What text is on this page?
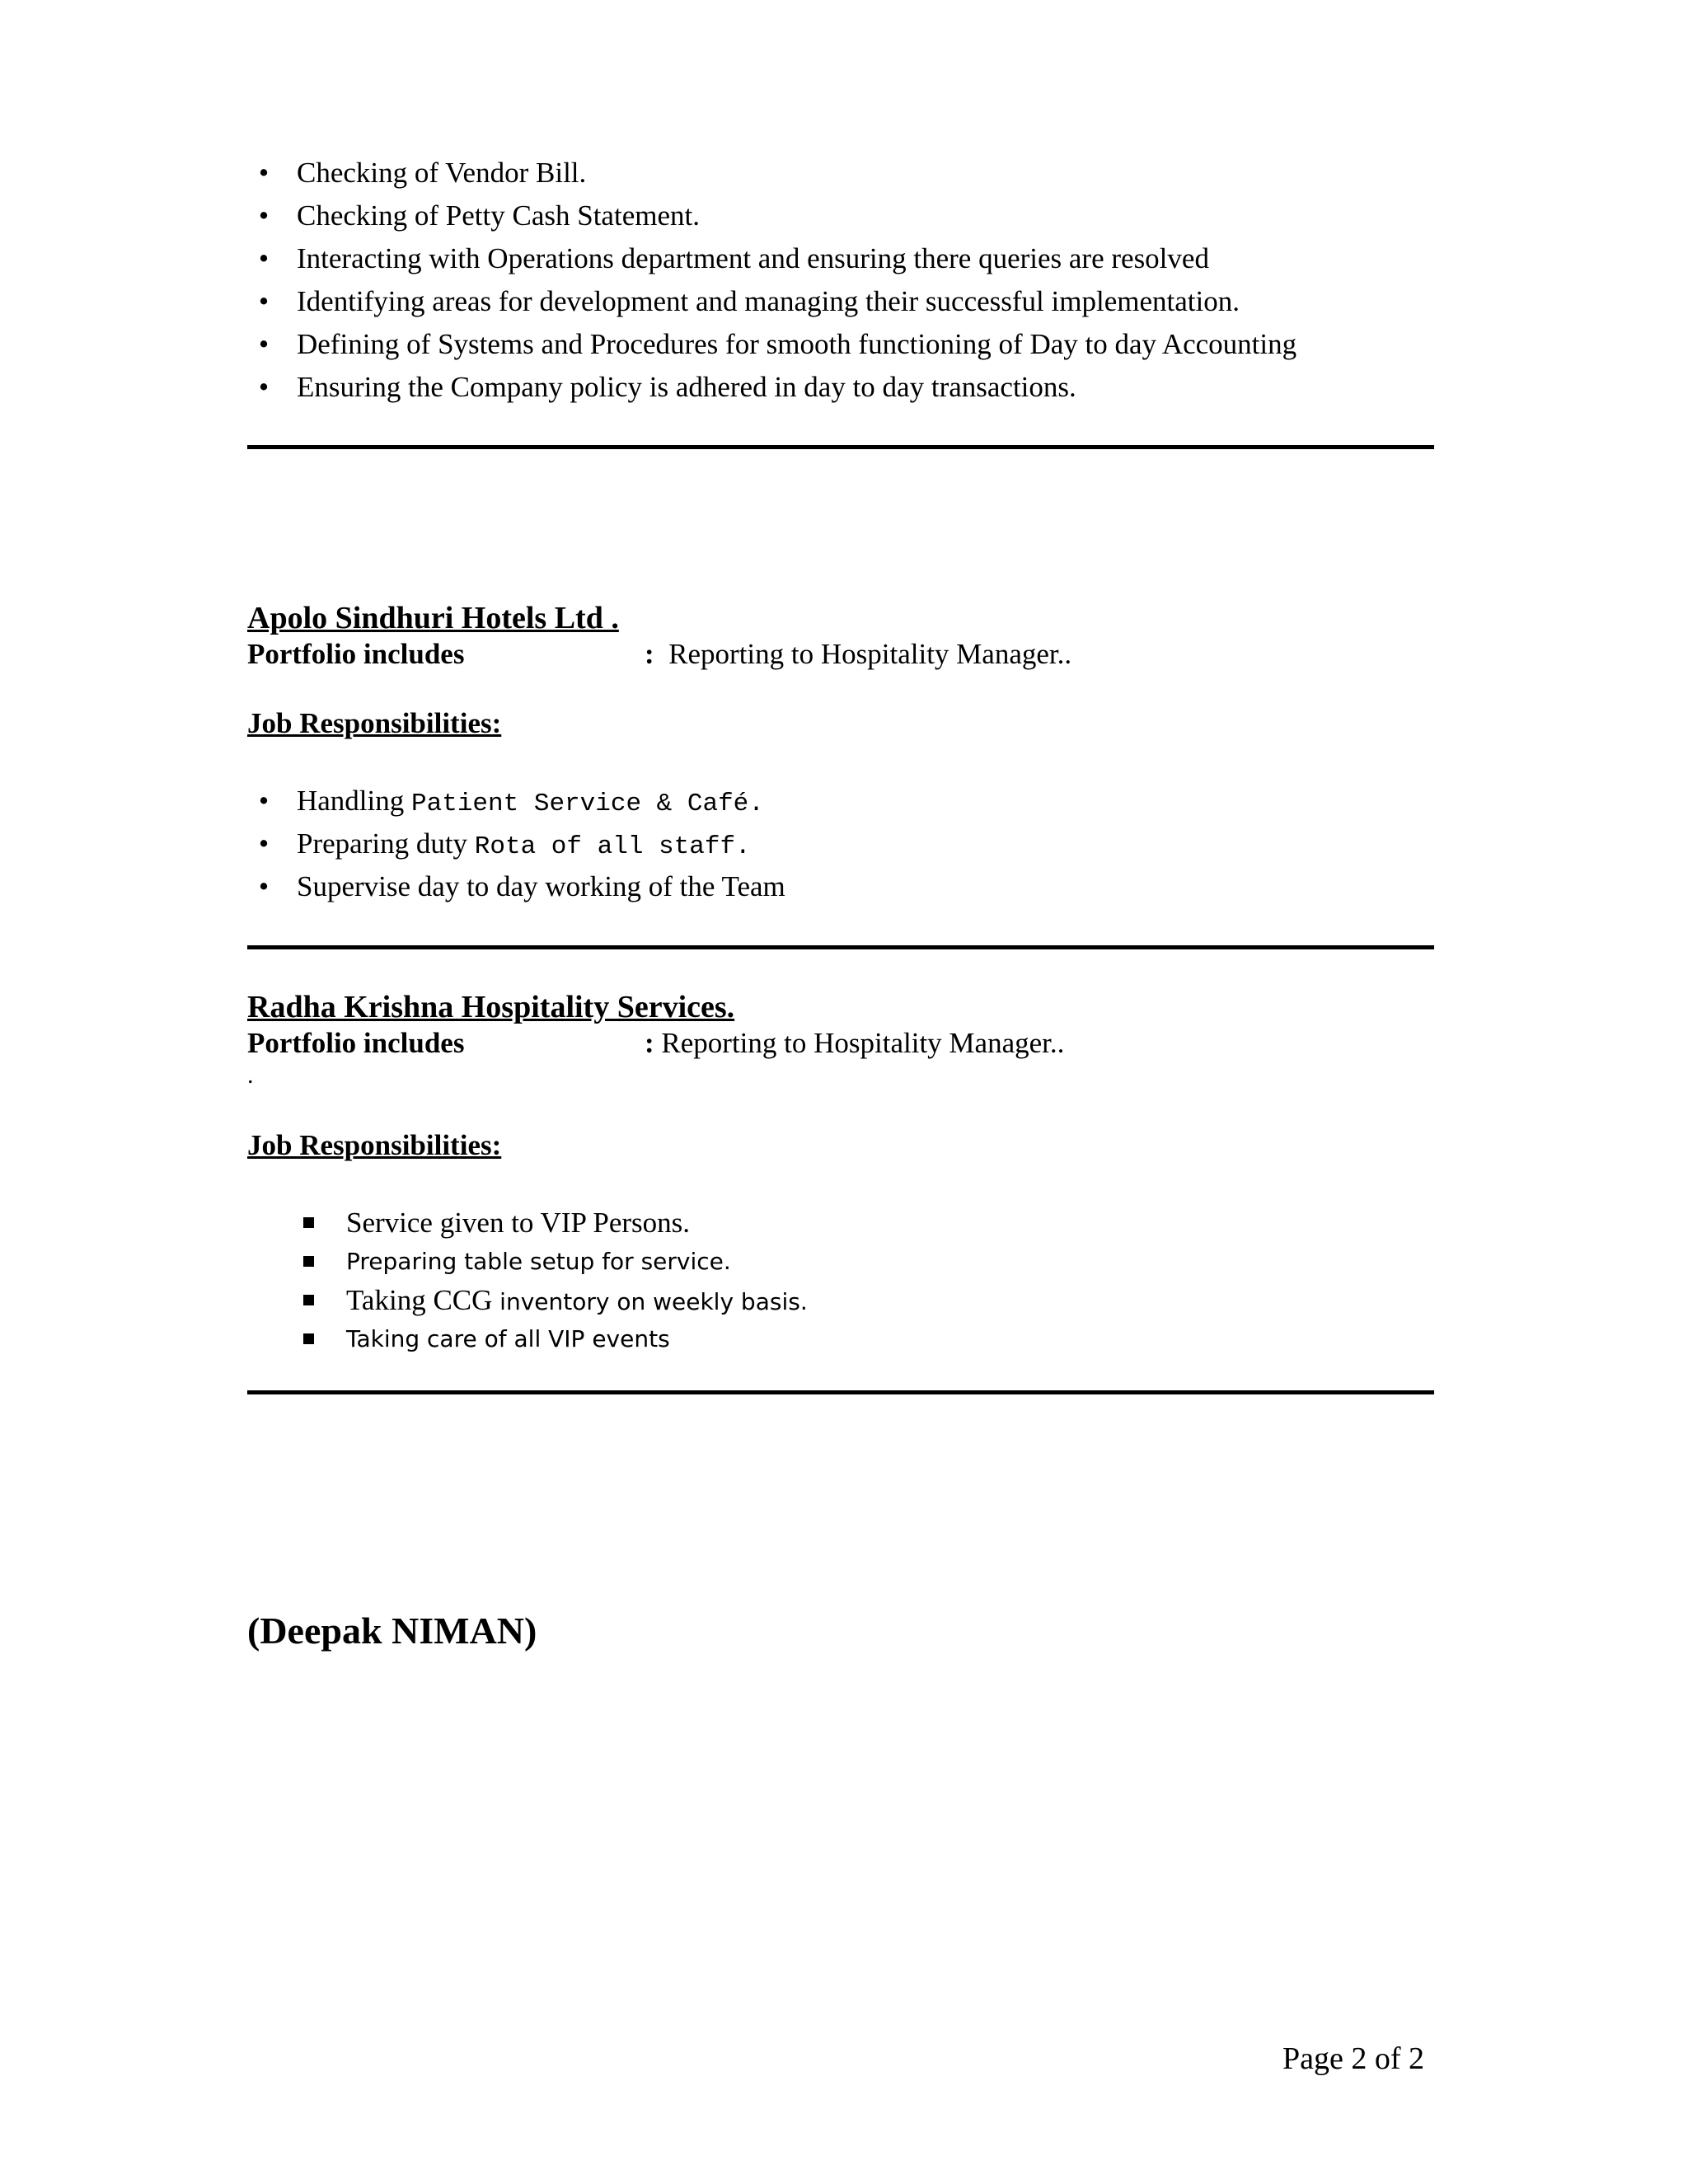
• Checking of Vendor Bill.
• Checking of Petty Cash Statement.
• Interacting with Operations department and ensuring there queries are resolved
• Identifying areas for development and managing their successful implementation.
• Defining of Systems and Procedures for smooth functioning of Day to day Accounting
• Ensuring the Company policy is adhered in day to day transactions.
Apolo Sindhuri Hotels Ltd .
Portfolio includes	: Reporting to Hospitality Manager..
Job Responsibilities:
• Handling Patient Service & Café.
• Preparing duty Rota of all staff.
• Supervise day to day working of the Team
Radha Krishna Hospitality Services.
Portfolio includes	: Reporting to Hospitality Manager..
.
Job Responsibilities:
Service given to VIP Persons.
Preparing table setup for service.
Taking CCG inventory on weekly basis.
Taking care of all VIP events
(Deepak NIMAN)
Page 2 of 2
